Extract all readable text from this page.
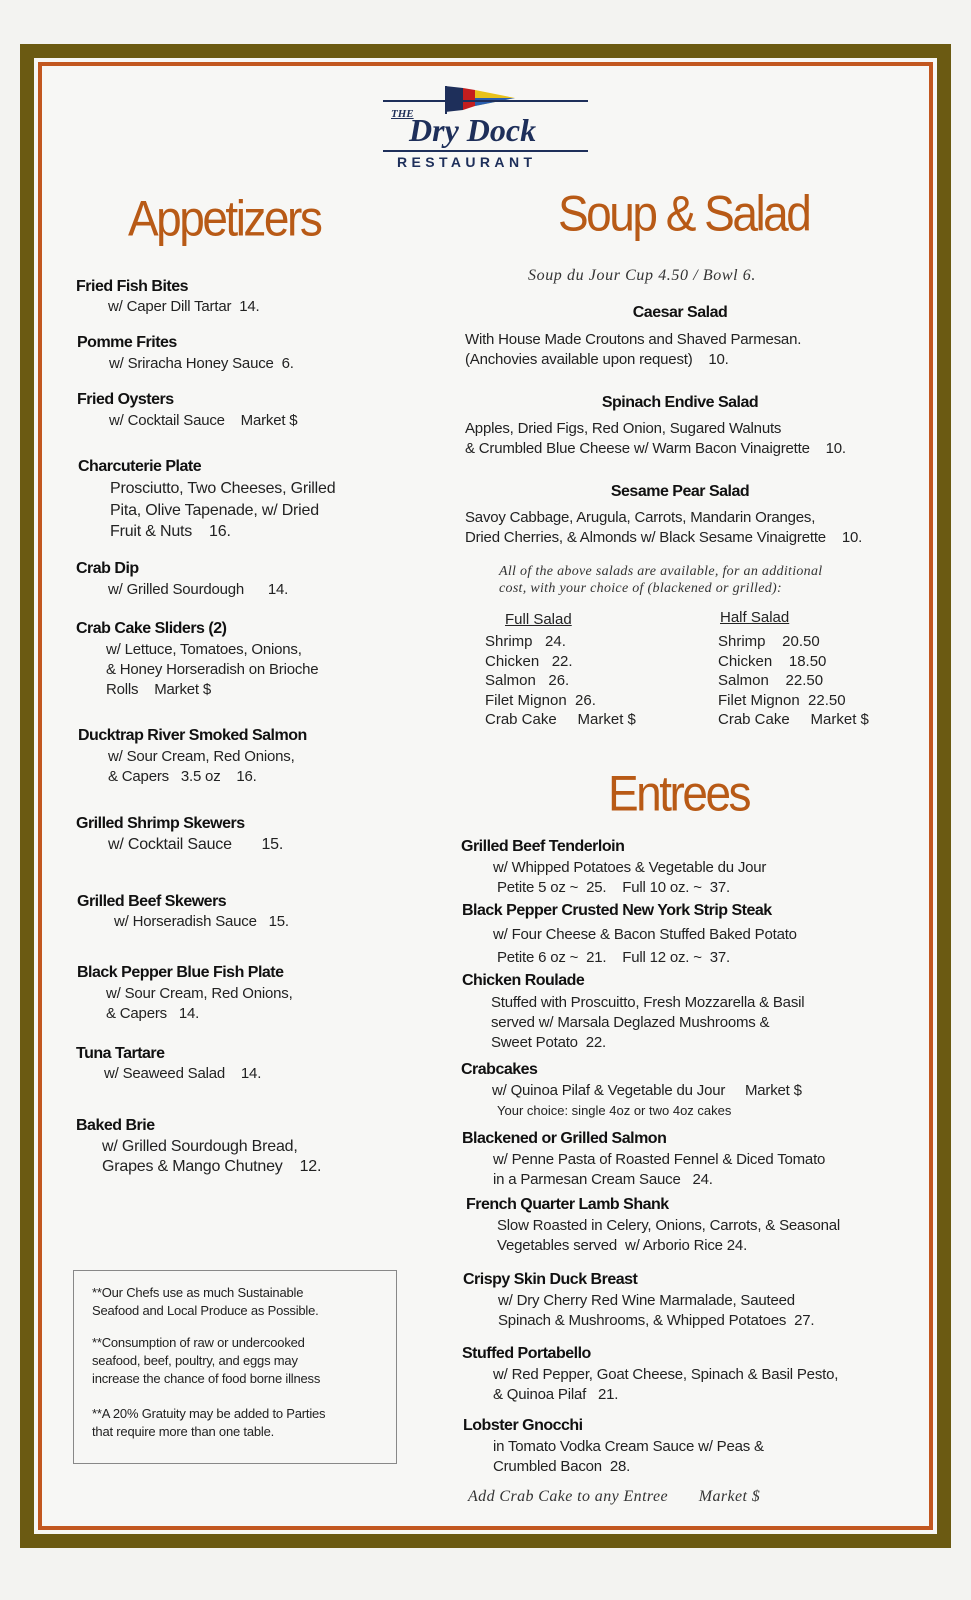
THE
Dry Dock
RESTAURANT
Appetizers	Soup & Salad
Entrees
Fried Fish Bites
w/ Caper Dill Tartar  14.
Pomme Frites
w/ Sriracha Honey Sauce  6.
Fried Oysters
w/ Cocktail Sauce    Market $
Charcuterie Plate
Prosciutto, Two Cheeses, Grilled
Pita, Olive Tapenade, w/ Dried
Fruit & Nuts    16.
Crab Dip
w/ Grilled Sourdough      14.
Crab Cake Sliders (2)
w/ Lettuce, Tomatoes, Onions,
& Honey Horseradish on Brioche
Rolls    Market $
Ducktrap River Smoked Salmon
w/ Sour Cream, Red Onions,
& Capers   3.5 oz    16.
Grilled Shrimp Skewers
w/ Cocktail Sauce       15.
Grilled Beef Skewers
w/ Horseradish Sauce   15.
Black Pepper Blue Fish Plate
w/ Sour Cream, Red Onions,
& Capers   14.
Tuna Tartare
w/ Seaweed Salad    14.
Baked Brie
w/ Grilled Sourdough Bread,
Grapes & Mango Chutney    12.

**Our Chefs use as much Sustainable
Seafood and Local Produce as Possible.

**Consumption of raw or undercooked
seafood, beef, poultry, and eggs may
increase the chance of food borne illness

**A 20% Gratuity may be added to Parties
that require more than one table.

Soup du Jour Cup 4.50 / Bowl 6.
Caesar Salad
With House Made Croutons and Shaved Parmesan.
(Anchovies available upon request)    10.
Spinach Endive Salad
Apples, Dried Figs, Red Onion, Sugared Walnuts
& Crumbled Blue Cheese w/ Warm Bacon Vinaigrette    10.
Sesame Pear Salad
Savoy Cabbage, Arugula, Carrots, Mandarin Oranges,
Dried Cherries, & Almonds w/ Black Sesame Vinaigrette    10.
All of the above salads are available, for an additional
cost, with your choice of (blackened or grilled):
Full Salad
Shrimp   24.
Chicken   22.
Salmon   26.
Filet Mignon  26.
Crab Cake     Market $
Half Salad
Shrimp    20.50
Chicken    18.50
Salmon    22.50
Filet Mignon  22.50
Crab Cake     Market $
Grilled Beef Tenderloin
w/ Whipped Potatoes & Vegetable du Jour
Petite 5 oz ~  25.    Full 10 oz. ~  37.
Black Pepper Crusted New York Strip Steak
w/ Four Cheese & Bacon Stuffed Baked Potato
Petite 6 oz ~  21.    Full 12 oz. ~  37.
Chicken Roulade
Stuffed with Proscuitto, Fresh Mozzarella & Basil
served w/ Marsala Deglazed Mushrooms &
Sweet Potato  22.
Crabcakes
w/ Quinoa Pilaf & Vegetable du Jour     Market $
Your choice: single 4oz or two 4oz cakes
Blackened or Grilled Salmon
w/ Penne Pasta of Roasted Fennel & Diced Tomato
in a Parmesan Cream Sauce   24.
French Quarter Lamb Shank
Slow Roasted in Celery, Onions, Carrots, & Seasonal
Vegetables served  w/ Arborio Rice 24.
Crispy Skin Duck Breast
w/ Dry Cherry Red Wine Marmalade, Sauteed
Spinach & Mushrooms, & Whipped Potatoes  27.
Stuffed Portabello
w/ Red Pepper, Goat Cheese, Spinach & Basil Pesto,
& Quinoa Pilaf   21.
Lobster Gnocchi
in Tomato Vodka Cream Sauce w/ Peas &
Crumbled Bacon  28.
Add Crab Cake to any Entree       Market $
